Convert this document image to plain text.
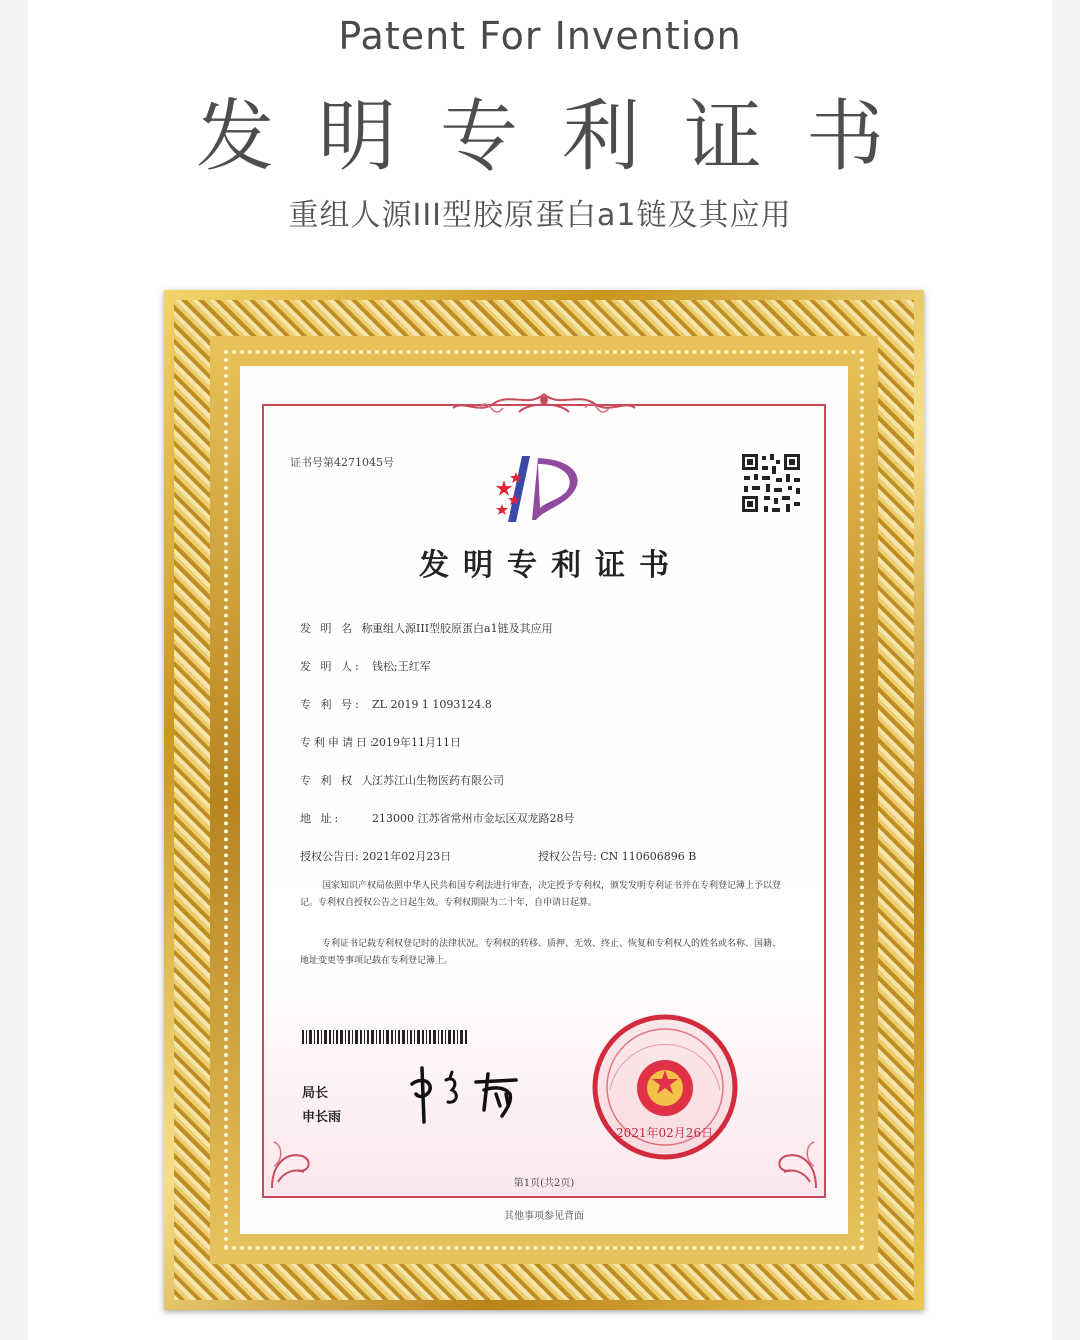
Patent For Invention
发明专利证书
重组人源III型胶原蛋白a1链及其应用
证书号第4271045号
发明专利证书
发 明 名 称:重组人源III型胶原蛋白a1链及其应用
发 明 人: 钱松;王红军
专 利 号: ZL 2019 1 1093124.8
专利申请日:2019年11月11日
专 利 权 人:江苏江山生物医药有限公司
地 址:	213000 江苏省常州市金坛区双龙路28号
授权公告日: 2021年02月23日	授权公告号: CN 110606896 B
国家知识产权局依照中华人民共和国专利法进行审查，决定授予专利权，颁发发明专利证书并在专利登记簿上予以登记。专利权自授权公告之日起生效。专利权期限为二十年，自申请日起算。
专利证书记载专利权登记时的法律状况。专利权的转移、质押、无效、终止、恢复和专利权人的姓名或名称、国籍、地址变更等事项记载在专利登记簿上。
局长
申长雨
2021年02月26日
第1页(共2页)
其他事项参见背面
